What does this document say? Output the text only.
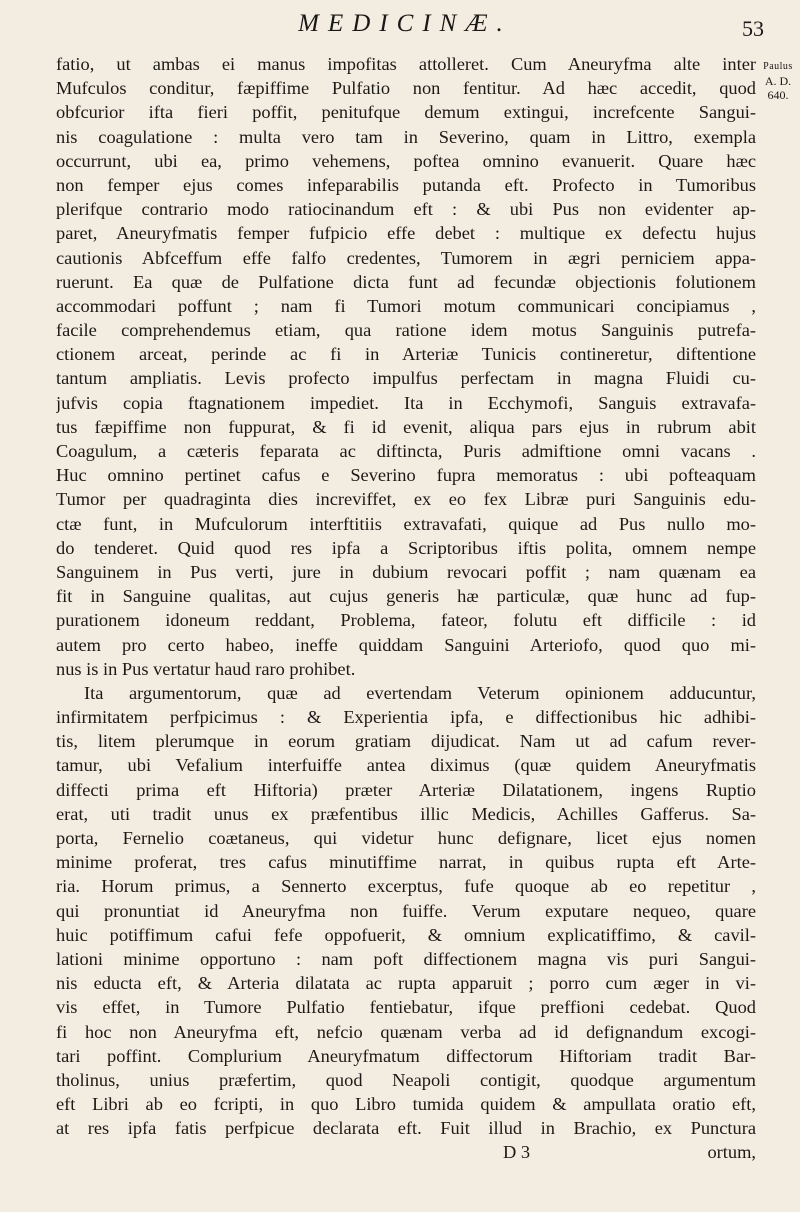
MEDICINÆ.	53
Paulus
A. D.
640.
fatio, ut ambas ei manus impofitas attolleret. Cum Aneuryfma alte inter
Mufculos conditur, fæpiffime Pulfatio non fentitur. Ad hæc accedit, quod
obfcurior ifta fieri poffit, penitufque demum extingui, increfcente Sangui-
nis coagulatione : multa vero tam in Severino, quam in Littro, exempla
occurrunt, ubi ea, primo vehemens, poftea omnino evanuerit. Quare hæc
non femper ejus comes infeparabilis putanda eft. Profecto in Tumoribus
plerifque contrario modo ratiocinandum eft : & ubi Pus non evidenter ap-
paret, Aneuryfmatis femper fufpicio effe debet : multique ex defectu hujus
cautionis Abfceffum effe falfo credentes, Tumorem in ægri perniciem appa-
ruerunt. Ea quæ de Pulfatione dicta funt ad fecundæ objectionis folutionem
accommodari poffunt ; nam fi Tumori motum communicari concipiamus ,
facile comprehendemus etiam, qua ratione idem motus Sanguinis putrefa-
ctionem arceat, perinde ac fi in Arteriæ Tunicis contineretur, diftentione
tantum ampliatis. Levis profecto impulfus perfectam in magna Fluidi cu-
jufvis copia ftagnationem impediet. Ita in Ecchymofi, Sanguis extravafa-
tus fæpiffime non fuppurat, & fi id evenit, aliqua pars ejus in rubrum abit
Coagulum, a cæteris feparata ac diftincta, Puris admiftione omni vacans .
Huc omnino pertinet cafus e Severino fupra memoratus : ubi pofteaquam
Tumor per quadraginta dies increviffet, ex eo fex Libræ puri Sanguinis edu-
ctæ funt, in Mufculorum interftitiis extravafati, quique ad Pus nullo mo-
do tenderet. Quid quod res ipfa a Scriptoribus iftis polita, omnem nempe
Sanguinem in Pus verti, jure in dubium revocari poffit ; nam quænam ea
fit in Sanguine qualitas, aut cujus generis hæ particulæ, quæ hunc ad fup-
purationem idoneum reddant, Problema, fateor, folutu eft difficile : id
autem pro certo habeo, ineffe quiddam Sanguini Arteriofo, quod quo mi-
nus is in Pus vertatur haud raro prohibet.
Ita argumentorum, quæ ad evertendam Veterum opinionem adducuntur,
infirmitatem perfpicimus : & Experientia ipfa, e diffectionibus hic adhibi-
tis, litem plerumque in eorum gratiam dijudicat. Nam ut ad cafum rever-
tamur, ubi Vefalium interfuiffe antea diximus (quæ quidem Aneuryfmatis
diffecti prima eft Hiftoria) præter Arteriæ Dilatationem, ingens Ruptio
erat, uti tradit unus ex præfentibus illic Medicis, Achilles Gafferus. Sa-
porta, Fernelio coætaneus, qui videtur hunc defignare, licet ejus nomen
minime proferat, tres cafus minutiffime narrat, in quibus rupta eft Arte-
ria. Horum primus, a Sennerto excerptus, fufe quoque ab eo repetitur ,
qui pronuntiat id Aneuryfma non fuiffe. Verum exputare nequeo, quare
huic potiffimum cafui fefe oppofuerit, & omnium explicatiffimo, & cavil-
lationi minime opportuno : nam poft diffectionem magna vis puri Sangui-
nis educta eft, & Arteria dilatata ac rupta apparuit ; porro cum æger in vi-
vis effet, in Tumore Pulfatio fentiebatur, ifque preffioni cedebat. Quod
fi hoc non Aneuryfma eft, nefcio quænam verba ad id defignandum excogi-
tari poffint. Complurium Aneuryfmatum diffectorum Hiftoriam tradit Bar-
tholinus, unius præfertim, quod Neapoli contigit, quodque argumentum
eft Libri ab eo fcripti, in quo Libro tumida quidem & ampullata oratio eft,
at res ipfa fatis perfpicue declarata eft. Fuit illud in Brachio, ex Punctura
D 3	ortum,
